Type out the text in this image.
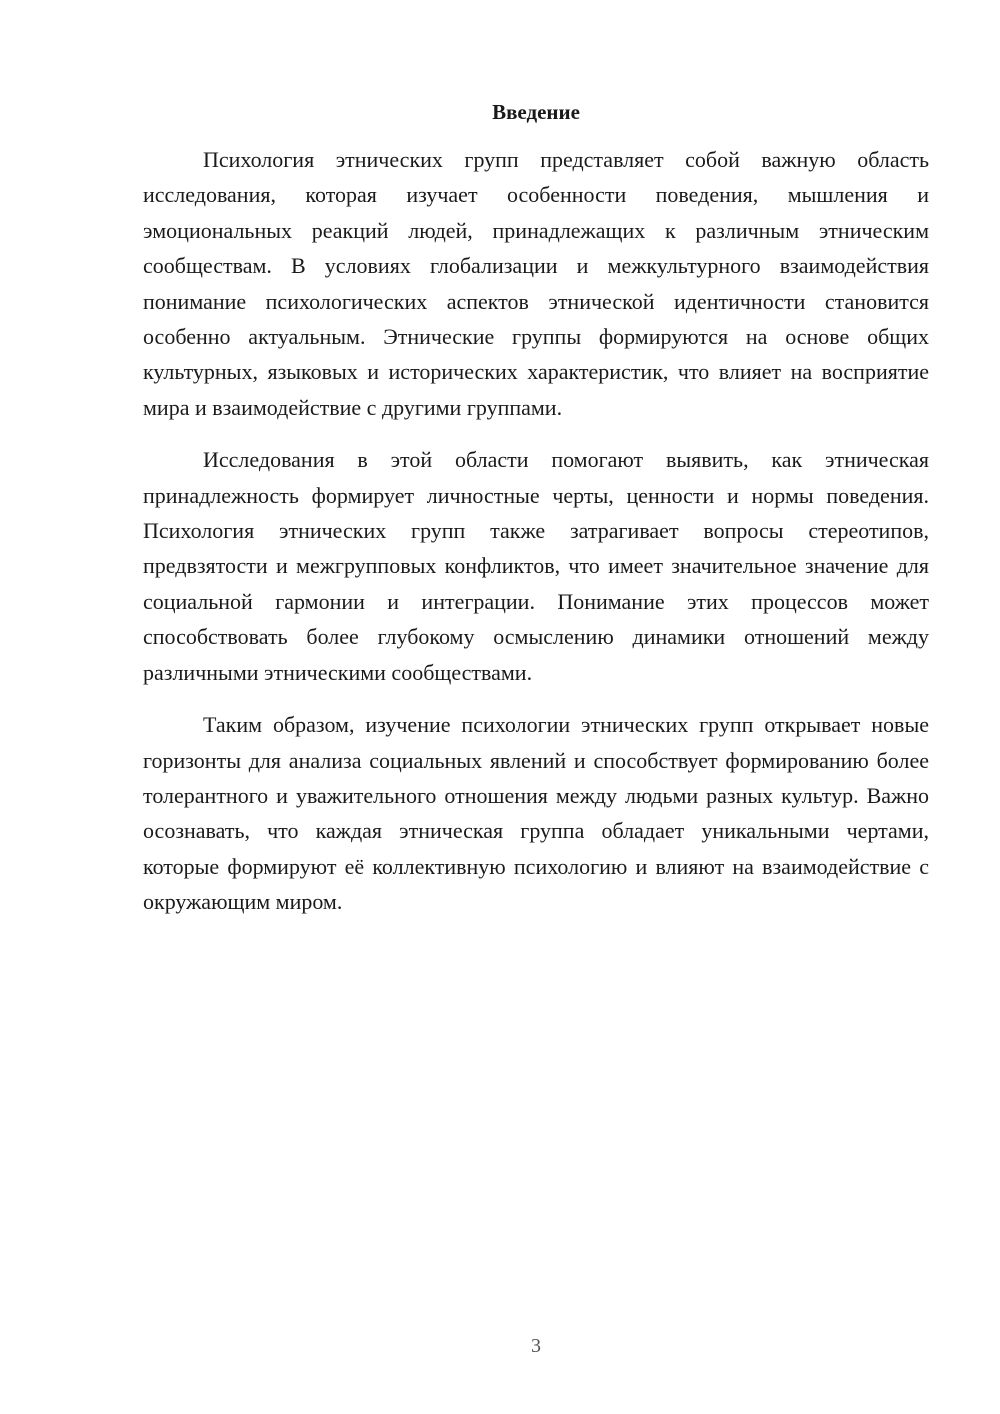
Введение

Психология этнических групп представляет собой важную область исследования, которая изучает особенности поведения, мышления и эмоциональных реакций людей, принадлежащих к различным этническим сообществам. В условиях глобализации и межкультурного взаимодействия понимание психологических аспектов этнической идентичности становится особенно актуальным. Этнические группы формируются на основе общих культурных, языковых и исторических характеристик, что влияет на восприятие мира и взаимодействие с другими группами.

Исследования в этой области помогают выявить, как этническая принадлежность формирует личностные черты, ценности и нормы поведения. Психология этнических групп также затрагивает вопросы стереотипов, предвзятости и межгрупповых конфликтов, что имеет значительное значение для социальной гармонии и интеграции. Понимание этих процессов может способствовать более глубокому осмыслению динамики отношений между различными этническими сообществами.

Таким образом, изучение психологии этнических групп открывает новые горизонты для анализа социальных явлений и способствует формированию более толерантного и уважительного отношения между людьми разных культур. Важно осознавать, что каждая этническая группа обладает уникальными чертами, которые формируют её коллективную психологию и влияют на взаимодействие с окружающим миром.

3
